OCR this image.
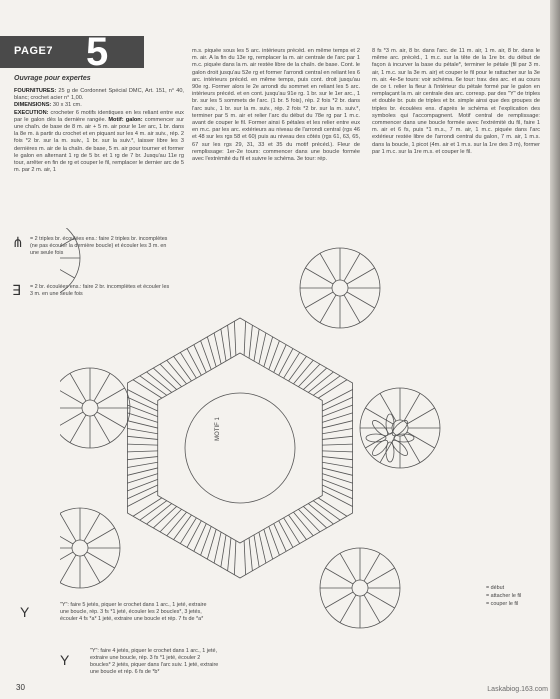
PAGE7 5
Ouvrage pour expertes
FOURNITURES: 25 g de Cordonnet Spécial DMC, Art. 151, n° 40, blanc; crochet acier n° 1,00.
DIMENSIONS: 30 x 31 cm.
EXECUTION: crocheter 6 motifs identiques en les reliant entre eux par le galon dès la dernière rangée. Motif: galon: commencer sur une chaîn. de base de 8 m. air + 5 m. air pour le 1er arc, 1 br. dans la 8e m. à partir du crochet et en piquant sur les 4 m. air suiv., rép. 2 fois *2 br. sur la m. suiv., 1 br. sur la suiv.*, laisser libre les 3 dernières m. air de la chaîn. de base, 5 m. air pour tourner et former le galon en alternant 1 rg de 5 br. et 1 rg de 7 br. Jusqu'au 11e rg tour, arrêter en fin de rg et couper le fil, remplacer le dernier arc de 5 m. par 2 m. air, 1
m.s. piquée sous les 5 arc. intérieurs précéd. en même temps et 2 m. air. A la fin du 13e rg, remplacer la m. air centrale de l'arc par 1 m.c. piquée dans la m. air restée libre de la chaîn. de base. Cont. le galon droit jusqu'au 52e rg et former l'arrondi central en reliant les 6 arc. intérieurs précéd. en même temps, puis cont. droit jusqu'au 90e rg. Former alors le 2e arrondi du sommet en reliant les 5 arc. intérieurs précéd. et en cont. jusqu'au 91e rg. 1 br. sur le 1er arc., 1 br. sur les 5 sommets de l'arc. (1 br. 5 fois), rép. 2 fois *2 br. dans l'arc suiv., 1 br. sur la m. suiv., rép. 2 fois *2 br. sur la m. suiv.*, terminer par 5 m. air et relier l'arc du début du 78e rg par 1 m.c. avant de couper le fil. Former ainsi 6 pétales et les relier entre eux en m.c. par les arc. extérieurs au niveau de l'arrondi central (rgs 46 et 48 sur les rgs 58 et 60) puis au niveau des côtés (rgs 61, 63, 65, 67 sur les rgs 29, 31, 33 et 35 du motif précéd.). Fleur de remplissage: 1er-2e tours: commencer dans une boucle formée avec l'extrémité du fil et suivre le schéma. 3e tour: rép.
8 fs *3 m. air, 8 br. dans l'arc. de 11 m. air, 1 m. air, 8 br. dans le même arc. précéd., 1 m.c. sur la tête de la 1re br. du début de façon à incurver la base du pétale*, terminer le pétale (fil par 3 m. air, 1 m.c. sur la 3e m. air) et couper le fil pour le rattacher sur la 3e m. air. 4e-5e tours: voir schéma. 6e tour: trav. des arc. et au cours de ce t. relier la fleur à l'intérieur du pétale formé par le galon en remplaçant la m. air centrale des arc. corresp. par des "Y" de triples et double br. puis de triples et br. simple ainsi que des groupes de triples br. écoulées ens. d'après le schéma et l'explication des symboles qui l'accompagnent. Motif central de remplissage: commencer dans une boucle formée avec l'extrémité du fil, faire 1 m. air et 6 fs, puis *1 m.s., 7 m. air, 1 m.c. piquée dans l'arc extérieur restée libre de l'arrondi central du galon, 7 m. air, 1 m.s. dans la boucle, 1 picot (4m. air et 1 m.s. sur la 1re des 3 m), former par 1 m.c. sur la 1re m.s. et couper le fil.
⋔ = 2 triples br. écoulées ens.: faire 2 triples br. incomplètes (ne pas écouler la dernière boucle) et écouler les 3 m. en une seule fois
∃ = 2 br. écoulées ens.: faire 2 br. incomplètes et écouler les 3 m. en une seule fois
MOTIF 1
= début
= attacher le fil
= couper le fil
Y	"Y": faire 5 jetés, piquer le crochet dans 1 arc., 1 jeté, extraire une boucle, rép. 3 fs *1 jeté, écouler les 2 boucles*, 3 jetés, écouler 4 fs *a* 1 jeté, extraire une boucle et rép. 7 fs de *a*
Y
"Y": faire 4 jetés, piquer le crochet dans 1 arc., 1 jeté, extraire une boucle, rép. 3 fs *1 jeté, écouler 2 boucles* 2 jetés, piquer dans l'arc suiv. 1 jeté, extraire une boucle et rép. 6 fs de *b*
30	Laskabiog.163.com
